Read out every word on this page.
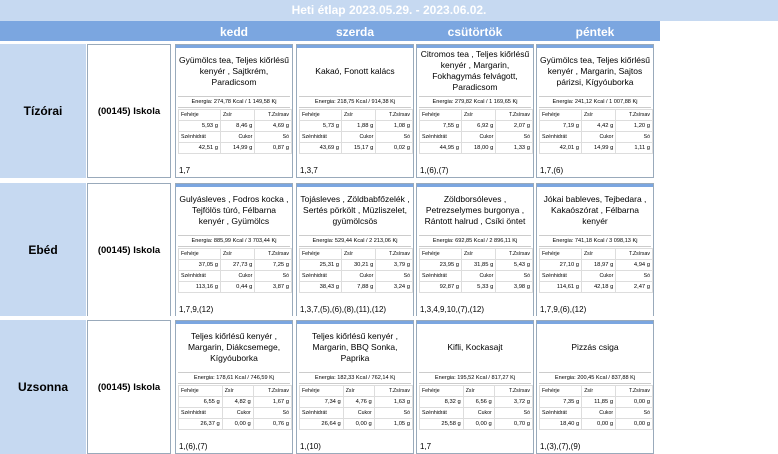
Heti étlap 2023.05.29. - 2023.06.02.
kedd	szerda	csütörtök	péntek
Tízórai	(00145) Iskola
Gyümölcs tea, Teljes kiőrlésű kenyér , Sajtkrém, Paradicsom
Energia: 274,78 Kcal / 1 149,58 Kj
Fehérje	Zsír	T.Zsírsav
5,93 g	8,46 g	4,69 g
Szénhidrát	Cukor	Só
42,51 g	14,99 g	0,87 g
1,7
Kakaó, Fonott kalács
Energia: 218,75 Kcal / 914,38 Kj
Fehérje	Zsír	T.Zsírsav
5,73 g	1,88 g	1,08 g
Szénhidrát	Cukor	Só
43,69 g	15,17 g	0,02 g
1,3,7
Citromos tea , Teljes kiőrlésű kenyér , Margarin, Fokhagymás felvágott, Paradicsom
Energia: 279,82 Kcal / 1 169,65 Kj
Fehérje	Zsír	T.Zsírsav
7,55 g	6,92 g	2,07 g
Szénhidrát	Cukor	Só
44,95 g	18,00 g	1,33 g
1,(6),(7)
Gyümölcs tea, Teljes kiőrlésű kenyér , Margarin, Sajtos párizsi, Kígyóuborka
Energia: 241,12 Kcal / 1 007,88 Kj
Fehérje	Zsír	T.Zsírsav
7,19 g	4,42 g	1,20 g
Szénhidrát	Cukor	Só
42,01 g	14,99 g	1,11 g
1,7,(6)
Ebéd	(00145) Iskola
Gulyásleves , Fodros kocka , Tejfölös túró, Félbarna kenyér , Gyümölcs
Energia: 885,99 Kcal / 3 703,44 Kj
Fehérje	Zsír	T.Zsírsav
37,05 g	27,73 g	7,25 g
Szénhidrát	Cukor	Só
113,16 g	0,44 g	3,87 g
1,7,9,(12)
Tojásleves , Zöldbabfőzelék , Sertés pörkölt , Müzliszelet, gyümölcsös
Energia: 529,44 Kcal / 2 213,06 Kj
Fehérje	Zsír	T.Zsírsav
25,31 g	30,21 g	3,79 g
Szénhidrát	Cukor	Só
38,43 g	7,88 g	3,24 g
1,3,7,(5),(6),(8),(11),(12)
Zöldborsóleves , Petrezselymes burgonya , Rántott halrud , Csíki öntet
Energia: 692,85 Kcal / 2 896,11 Kj
Fehérje	Zsír	T.Zsírsav
23,95 g	31,85 g	5,43 g
Szénhidrát	Cukor	Só
92,87 g	5,33 g	3,98 g
1,3,4,9,10,(7),(12)
Jókai bableves, Tejbedara , Kakaószórat , Félbarna kenyér
Energia: 741,18 Kcal / 3 098,13 Kj
Fehérje	Zsír	T.Zsírsav
27,10 g	18,97 g	4,94 g
Szénhidrát	Cukor	Só
114,61 g	42,18 g	2,47 g
1,7,9,(6),(12)
Uzsonna	(00145) Iskola
Teljes kiőrlésű kenyér , Margarin, Diákcsemege, Kígyóuborka
Energia: 178,61 Kcal / 746,59 Kj
Fehérje	Zsír	T.Zsírsav
6,55 g	4,82 g	1,67 g
Szénhidrát	Cukor	Só
26,37 g	0,00 g	0,76 g
1,(6),(7)
Teljes kiőrlésű kenyér , Margarin, BBQ Sonka, Paprika
Energia: 182,33 Kcal / 762,14 Kj
Fehérje	Zsír	T.Zsírsav
7,34 g	4,76 g	1,63 g
Szénhidrát	Cukor	Só
26,64 g	0,00 g	1,05 g
1,(10)
Kifli, Kockasajt
Energia: 195,52 Kcal / 817,27 Kj
Fehérje	Zsír	T.Zsírsav
8,32 g	6,56 g	3,72 g
Szénhidrát	Cukor	Só
25,58 g	0,00 g	0,70 g
1,7
Pizzás csiga
Energia: 200,45 Kcal / 837,88 Kj
Fehérje	Zsír	T.Zsírsav
7,35 g	11,85 g	0,00 g
Szénhidrát	Cukor	Só
18,40 g	0,00 g	0,00 g
1,(3),(7),(9)
